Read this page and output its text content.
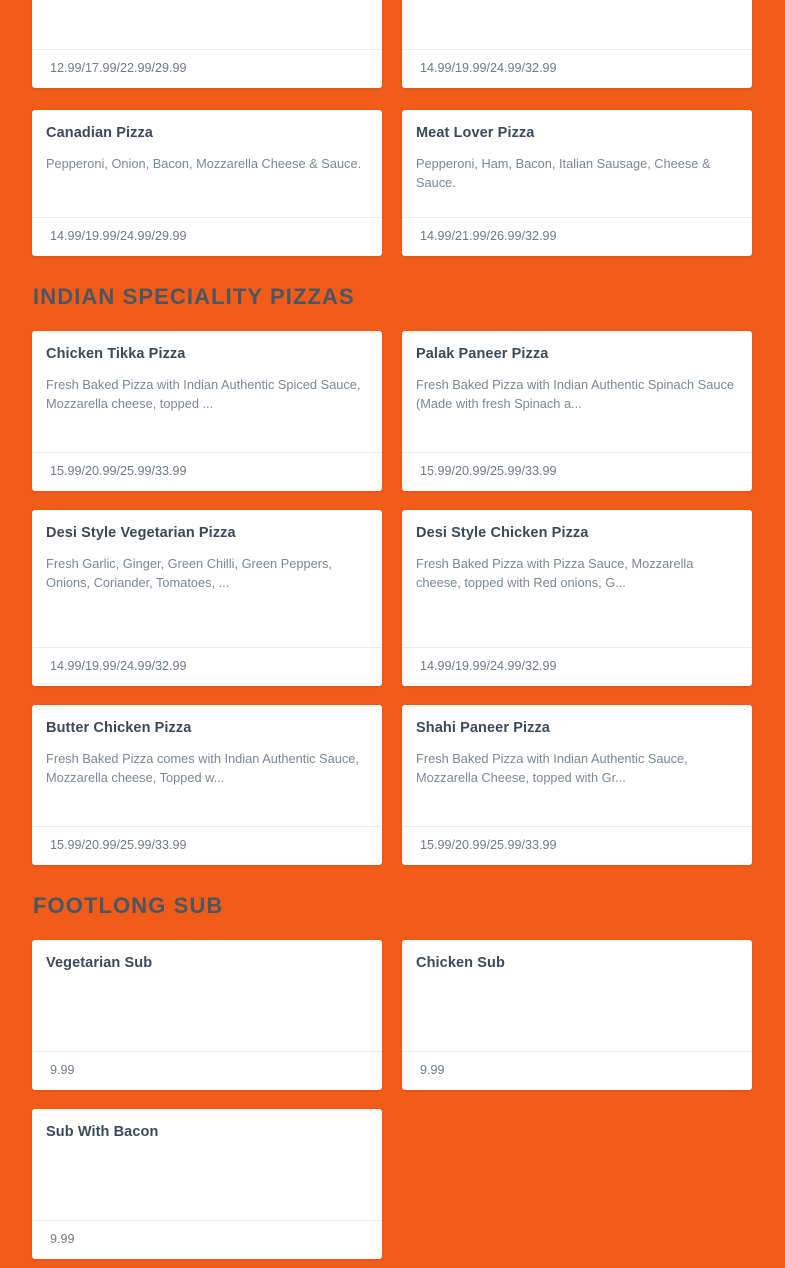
12.99/17.99/22.99/29.99	14.99/19.99/24.99/32.99
Canadian Pizza

Pepperoni, Onion, Bacon, Mozzarella Cheese & Sauce.

14.99/19.99/24.99/29.99
Meat Lover Pizza

Pepperoni, Ham, Bacon, Italian Sausage, Cheese & Sauce.

14.99/21.99/26.99/32.99
INDIAN SPECIALITY PIZZAS
Chicken Tikka Pizza

Fresh Baked Pizza with Indian Authentic Spiced Sauce, Mozzarella cheese, topped ...

15.99/20.99/25.99/33.99
Palak Paneer Pizza

Fresh Baked Pizza with Indian Authentic Spinach Sauce (Made with fresh Spinach a...

15.99/20.99/25.99/33.99
Desi Style Vegetarian Pizza

Fresh Garlic, Ginger, Green Chilli, Green Peppers, Onions, Coriander, Tomatoes, ...

14.99/19.99/24.99/32.99
Desi Style Chicken Pizza

Fresh Baked Pizza with Pizza Sauce, Mozzarella cheese, topped with Red onions, G...

14.99/19.99/24.99/32.99
Butter Chicken Pizza

Fresh Baked Pizza comes with Indian Authentic Sauce, Mozzarella cheese, Topped w...

15.99/20.99/25.99/33.99
Shahi Paneer Pizza

Fresh Baked Pizza with Indian Authentic Sauce, Mozzarella Cheese, topped with Gr...

15.99/20.99/25.99/33.99
FOOTLONG SUB
Vegetarian Sub

9.99
Chicken Sub

9.99
Sub With Bacon

9.99
